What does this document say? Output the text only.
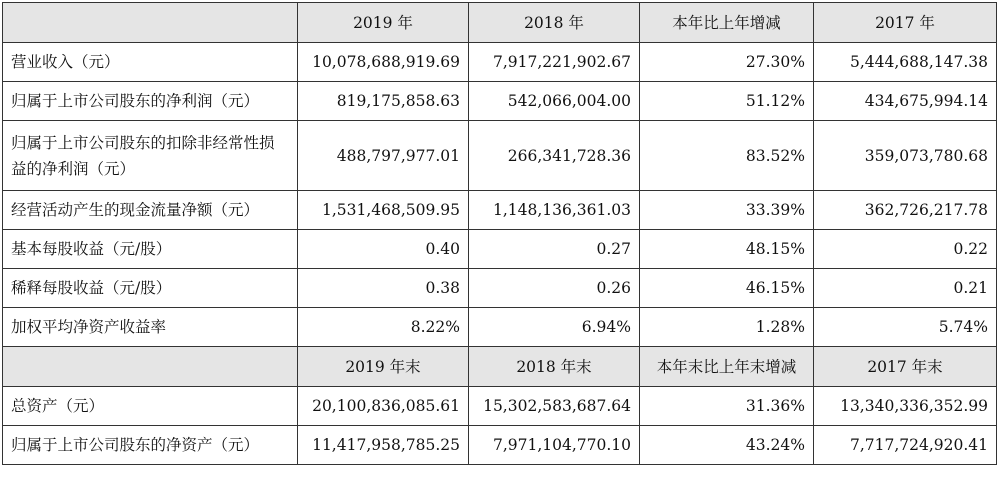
	2019 年	2018 年	本年比上年增减	2017 年
营业收入（元）	10,078,688,919.69	7,917,221,902.67	27.30%	5,444,688,147.38
归属于上市公司股东的净利润（元）	819,175,858.63	542,066,004.00	51.12%	434,675,994.14
归属于上市公司股东的扣除非经常性损益的净利润（元）	488,797,977.01	266,341,728.36	83.52%	359,073,780.68
经营活动产生的现金流量净额（元）	1,531,468,509.95	1,148,136,361.03	33.39%	362,726,217.78
基本每股收益（元/股）	0.40	0.27	48.15%	0.22
稀释每股收益（元/股）	0.38	0.26	46.15%	0.21
加权平均净资产收益率	8.22%	6.94%	1.28%	5.74%
	2019 年末	2018 年末	本年末比上年末增减	2017 年末
总资产（元）	20,100,836,085.61	15,302,583,687.64	31.36%	13,340,336,352.99
归属于上市公司股东的净资产（元）	11,417,958,785.25	7,971,104,770.10	43.24%	7,717,724,920.41
